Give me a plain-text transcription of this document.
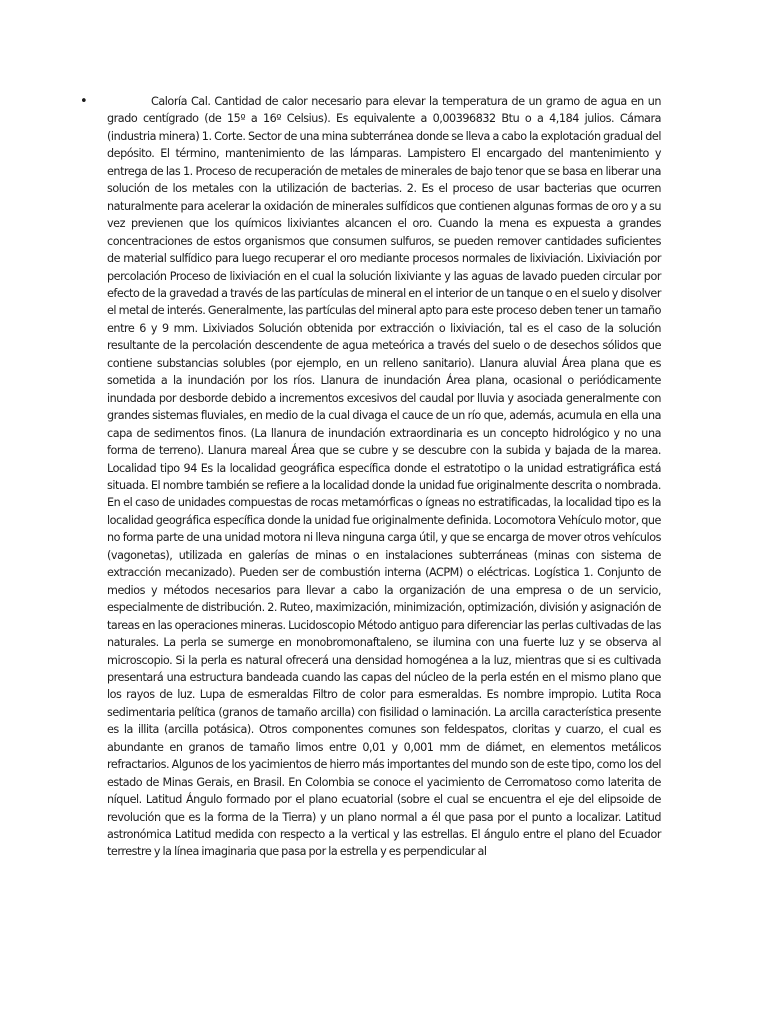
•	Caloría Cal. Cantidad de calor necesario para elevar la temperatura de un gramo de agua en un grado centígrado (de 15º a 16º Celsius). Es equivalente a 0,00396832 Btu o a 4,184 julios. Cámara (industria minera) 1. Corte. Sector de una mina subterránea donde se lleva a cabo la explotación gradual del depósito. El término, mantenimiento de las lámparas. Lampistero El encargado del mantenimiento y entrega de las 1. Proceso de recuperación de metales de minerales de bajo tenor que se basa en liberar una solución de los metales con la utilización de bacterias. 2. Es el proceso de usar bacterias que ocurren naturalmente para acelerar la oxidación de minerales sulfídicos que contienen algunas formas de oro y a su vez previenen que los químicos lixiviantes alcancen el oro. Cuando la mena es expuesta a grandes concentraciones de estos organismos que consumen sulfuros, se pueden remover cantidades suficientes de material sulfídico para luego recuperar el oro mediante procesos normales de lixiviación. Lixiviación por percolación Proceso de lixiviación en el cual la solución lixiviante y las aguas de lavado pueden circular por efecto de la gravedad a través de las partículas de mineral en el interior de un tanque o en el suelo y disolver el metal de interés. Generalmente, las partículas del mineral apto para este proceso deben tener un tamaño entre 6 y 9 mm. Lixiviados Solución obtenida por extracción o lixiviación, tal es el caso de la solución resultante de la percolación descendente de agua meteórica a través del suelo o de desechos sólidos que contiene substancias solubles (por ejemplo, en un relleno sanitario). Llanura aluvial Área plana que es sometida a la inundación por los ríos. Llanura de inundación Área plana, ocasional o periódicamente inundada por desborde debido a incrementos excesivos del caudal por lluvia y asociada generalmente con grandes sistemas fluviales, en medio de la cual divaga el cauce de un río que, además, acumula en ella una capa de sedimentos finos. (La llanura de inundación extraordinaria es un concepto hidrológico y no una forma de terreno). Llanura mareal Área que se cubre y se descubre con la subida y bajada de la marea. Localidad tipo 94 Es la localidad geográfica específica donde el estratotipo o la unidad estratigráfica está situada. El nombre también se refiere a la localidad donde la unidad fue originalmente descrita o nombrada. En el caso de unidades compuestas de rocas metamórficas o ígneas no estratificadas, la localidad tipo es la localidad geográfica específica donde la unidad fue originalmente definida. Locomotora Vehículo motor, que no forma parte de una unidad motora ni lleva ninguna carga útil, y que se encarga de mover otros vehículos (vagonetas), utilizada en galerías de minas o en instalaciones subterráneas (minas con sistema de extracción mecanizado). Pueden ser de combustión interna (ACPM) o eléctricas. Logística 1. Conjunto de medios y métodos necesarios para llevar a cabo la organización de una empresa o de un servicio, especialmente de distribución. 2. Ruteo, maximización, minimización, optimización, división y asignación de tareas en las operaciones mineras. Lucidoscopio Método antiguo para diferenciar las perlas cultivadas de las naturales. La perla se sumerge en monobromonaftaleno, se ilumina con una fuerte luz y se observa al microscopio. Si la perla es natural ofrecerá una densidad homogénea a la luz, mientras que si es cultivada presentará una estructura bandeada cuando las capas del núcleo de la perla estén en el mismo plano que los rayos de luz. Lupa de esmeraldas Filtro de color para esmeraldas. Es nombre impropio. Lutita Roca sedimentaria pelítica (granos de tamaño arcilla) con fisilidad o laminación. La arcilla característica presente es la illita (arcilla potásica). Otros componentes comunes son feldespatos, cloritas y cuarzo, el cual es abundante en granos de tamaño limos entre 0,01 y 0,001 mm de diámet, en elementos metálicos refractarios. Algunos de los yacimientos de hierro más importantes del mundo son de este tipo, como los del estado de Minas Gerais, en Brasil. En Colombia se conoce el yacimiento de Cerromatoso como laterita de níquel. Latitud Ángulo formado por el plano ecuatorial (sobre el cual se encuentra el eje del elipsoide de revolución que es la forma de la Tierra) y un plano normal a él que pasa por el punto a localizar. Latitud astronómica Latitud medida con respecto a la vertical y las estrellas. El ángulo entre el plano del Ecuador terrestre y la línea imaginaria que pasa por la estrella y es perpendicular al
